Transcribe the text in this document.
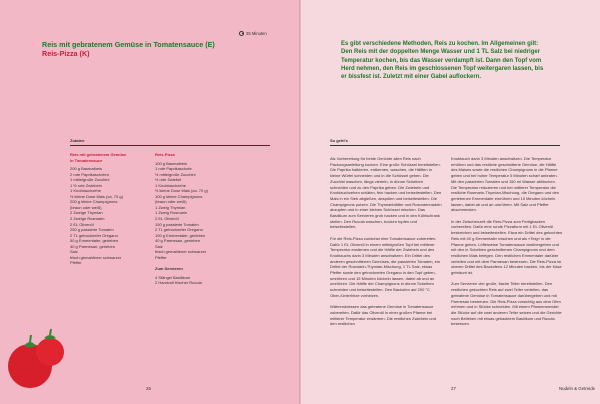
Reis mit gebratenem Gemüse in Tomatensauce (E)
Reis-Pizza (K)
35 Minuten
Zutaten
Reis mit gebratenem Gemüse
in Tomatensauce
200 g Basmatireis
2 rote Paprikaschoten
1 mittelgroße Zucchini
1 ½ rote Zwiebeln
1 Knoblauchzehe
½ kleine Dose Mais (ca. 70 g)
200 g kleine Champignons
(braun oder weiß)
2 Zweige Thymian
2 Zweige Rosmarin
2 EL Olivenöl
250 g passierte Tomaten
2 TL getrockneter Oregano
50 g Emmentaler, gerieben
40 g Parmesan, gerieben
Salz
frisch gemahlener schwarzer
Pfeffer
Reis-Pizza
100 g Basmatireis
1 rote Paprikaschote
½ mittelgroße Zucchini
½ rote Zwiebel
1 Knoblauchzehe
½ kleine Dose Mais (ca. 70 g)
100 g kleine Champignons
(braun oder weiß)
1 Zweig Thymian
1 Zweig Rosmarin
2 EL Olivenöl
150 g passierte Tomaten
2 TL getrockneter Oregano
100 g Emmentaler, gerieben
40 g Parmesan, gerieben
Salz
frisch gemahlener schwarzer
Pfeffer
Zum Servieren
4 Stängel Basilikum
2 Handvoll frischer Rucola
26

Es gibt verschiedene Methoden, Reis zu kochen. Im Allgemeinen gilt: Den Reis mit der doppelten Menge Wasser und 1 TL Salz bei niedriger Temperatur kochen, bis das Wasser verdampft ist. Dann den Topf vom Herd nehmen, den Reis im geschlossenen Topf weitergaren lassen, bis er bissfest ist. Zuletzt mit einer Gabel auflockern.

So geht's

Als Vorbereitung für beide Gerichte allen Reis nach Packungsanleitung kochen. Eine große Schüssel bereitstellen. Die Paprika halbieren, entkernen, waschen, die Hälften in kleine Würfel schneiden und in die Schüssel geben. Die Zucchini waschen, längs vierteln, in dünne Scheiben schneiden und zu den Paprika geben. Die Zwiebeln und Knoblauchzehen schälen, fein hacken und beiseitestellen. Den Mais in ein Sieb abgießen, abspülen und beiseitestellen. Die Champignons putzen. Die Thymianblätter und Rosmarinnadeln abzupfen und in einer kleinen Schüssel mischen. Das Basilikum zum Servieren grob hacken und in den Kühlschrank stellen. Den Rucola waschen, trocken tupfen und beiseitestellen.

Für die Reis-Pizza zunächst eine Tomatensauce zubereiten. Dafür 1 EL Olivenöl in einem mittelgroßen Topf bei mittlerer Temperatur erwärmen und die Hälfte der Zwiebeln und des Knoblauchs darin 3 Minuten anschwitzen. Ein Drittel des anderen geschnittenen Gemüses, die passierten Tomaten, ein Drittel der Rosmarin-Thymian-Mischung, 1 TL Salz, etwas Pfeffer sowie den getrockneten Oregano in den Topf geben, umrühren und 15 Minuten köcheln lassen, dabei ab und an umrühren. Die Hälfte der Champignons in dünne Scheiben schneiden und beiseitestellen. Den Backofen auf 200 °C Ober-/Unterhitze vorheizen.

Währenddessen das gebratene Gemüse in Tomatensauce zubereiten. Dafür das Olivenöl in einer großen Pfanne bei mittlerer Temperatur erwärmen. Die restlichen Zwiebeln und den restlichen

Knoblauch darin 3 Minuten anschwitzen. Die Temperatur erhöhen und das restliche geschnittene Gemüse, die Hälfte des Maises sowie die restlichen Champignons in die Pfanne geben und bei hoher Temperatur 5 Minuten scharf anbraten. Mit den passierten Tomaten und 150 ml Wasser ablöschen. Die Temperatur reduzieren und bei mittlerer Temperatur die restliche Rosmarin-Thymian-Mischung, die Oregano und den geriebenen Emmentaler einrühren und 10 Minuten köcheln lassen, dabei ab und an umrühren. Mit Salz und Pfeffer abschmecken.

In der Zwischenzeit die Reis-Pizza zum Fertigbacken vorbereiten. Dafür eine runde Pizzaform mit 1 EL Olivenöl bestreichen und beiseitestellen. Etwa ein Drittel des gekochten Reis mit 40 g Emmentaler mischen und als »Teig« in die Pfanne geben. Löffelweise Tomatensauce darübergeben und mit den in Scheiben geschnittenen Champignons und dem restlichen Mais belegen. Den restlichen Emmentaler darüber verteilen und mit dem Parmesan bestreuen. Die Reis-Pizza im oberen Drittel des Backofens 12 Minuten backen, bis der Käse gebräunt ist.

Zum Servieren vier große, flache Teller bereitstellen. Den restlichen gekochten Reis auf zwei Teller verteilen, das gebratene Gemüse in Tomatensauce darübergeben und mit Parmesan bestreuen. Die Reis-Pizza vorsichtig aus dem Ofen nehmen und in Stücke schneiden. Mit einem Pfannenwender die Stücke auf die zwei anderen Teller setzen und die Gerichte nach Belieben mit etwas gehacktem Basilikum und Rucola bestreuen.

27	Nudeln & Getreide
